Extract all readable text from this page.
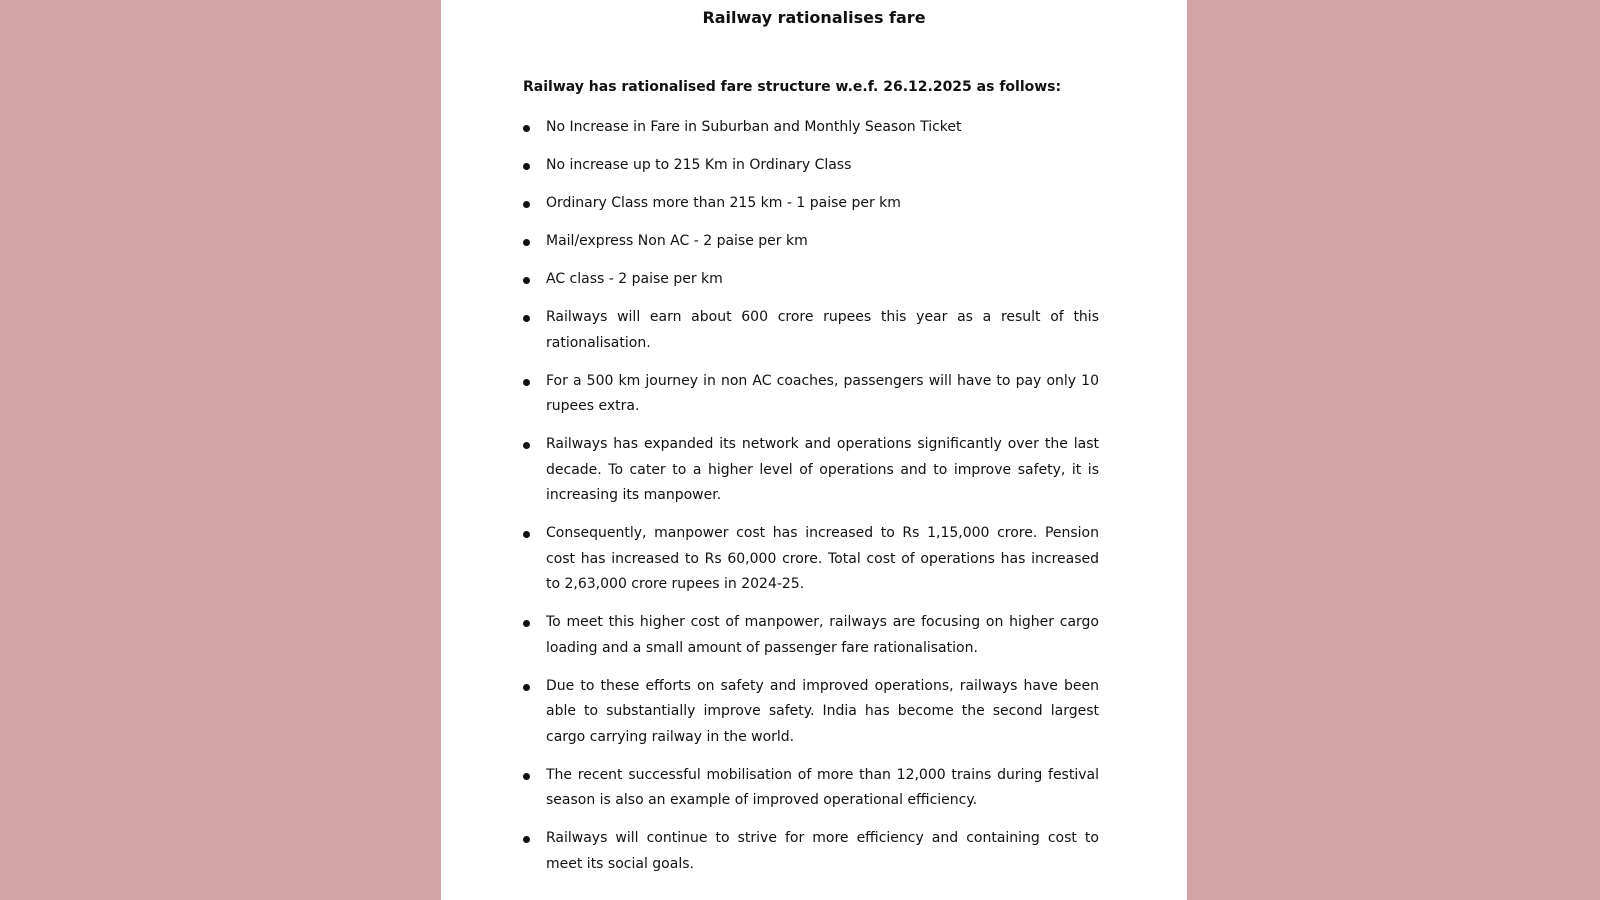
Railway rationalises fare

Railway has rationalised fare structure w.e.f. 26.12.2025 as follows:

No Increase in Fare in Suburban and Monthly Season Ticket
No increase up to 215 Km in Ordinary Class
Ordinary Class more than 215 km - 1 paise per km
Mail/express Non AC - 2 paise per km
AC class - 2 paise per km
Railways will earn about 600 crore rupees this year as a result of this rationalisation.
For a 500 km journey in non AC coaches, passengers will have to pay only 10 rupees extra.
Railways has expanded its network and operations significantly over the last decade. To cater to a higher level of operations and to improve safety, it is increasing its manpower.
Consequently, manpower cost has increased to Rs 1,15,000 crore. Pension cost has increased to Rs 60,000 crore. Total cost of operations has increased to 2,63,000 crore rupees in 2024-25.
To meet this higher cost of manpower, railways are focusing on higher cargo loading and a small amount of passenger fare rationalisation.
Due to these efforts on safety and improved operations, railways have been able to substantially improve safety. India has become the second largest cargo carrying railway in the world.
The recent successful mobilisation of more than 12,000 trains during festival season is also an example of improved operational efficiency.
Railways will continue to strive for more efficiency and containing cost to meet its social goals.
